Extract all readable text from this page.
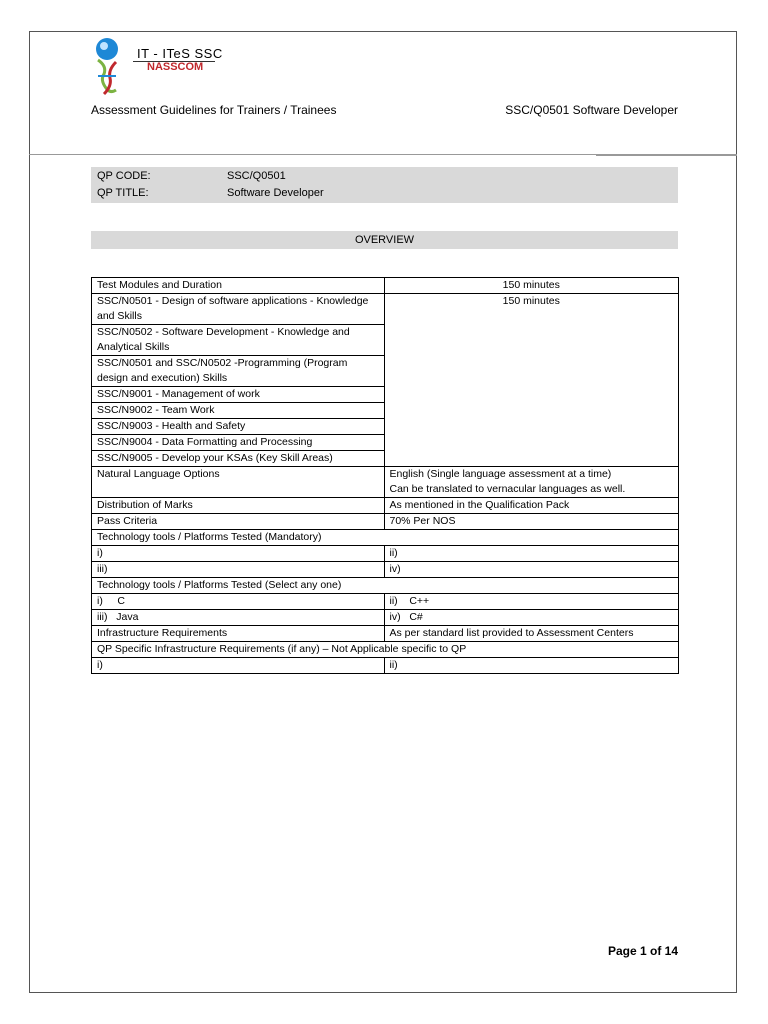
IT - ITeS SSC
NASSCOM
Assessment Guidelines for Trainers / Trainees	SSC/Q0501 Software Developer
QP CODE:	SSC/Q0501
QP TITLE:	Software Developer
OVERVIEW
Test Modules and Duration	150 minutes
SSC/N0501 - Design of software applications - Knowledge and Skills	150 minutes
SSC/N0502 - Software Development - Knowledge and Analytical Skills	
SSC/N0501 and SSC/N0502 -Programming (Program design and execution) Skills	
SSC/N9001 - Management of work	
SSC/N9002 - Team Work	
SSC/N9003 - Health and Safety	
SSC/N9004 - Data Formatting and Processing	
SSC/N9005 - Develop your KSAs (Key Skill Areas)	
Natural Language Options	English (Single language assessment at a time)
Can be translated to vernacular languages as well.

Distribution of Marks	As mentioned in the Qualification Pack
Pass Criteria	70% Per NOS
Technology tools / Platforms Tested (Mandatory)	
i)	ii)
iii)	iv)
Technology tools / Platforms Tested (Select any one)	
i)     C	ii)    C++
iii)   Java	iv)   C#
Infrastructure Requirements	As per standard list provided to Assessment Centers
QP Specific Infrastructure Requirements (if any) – Not Applicable specific to QP	
i)	ii)
Page 1 of 14
